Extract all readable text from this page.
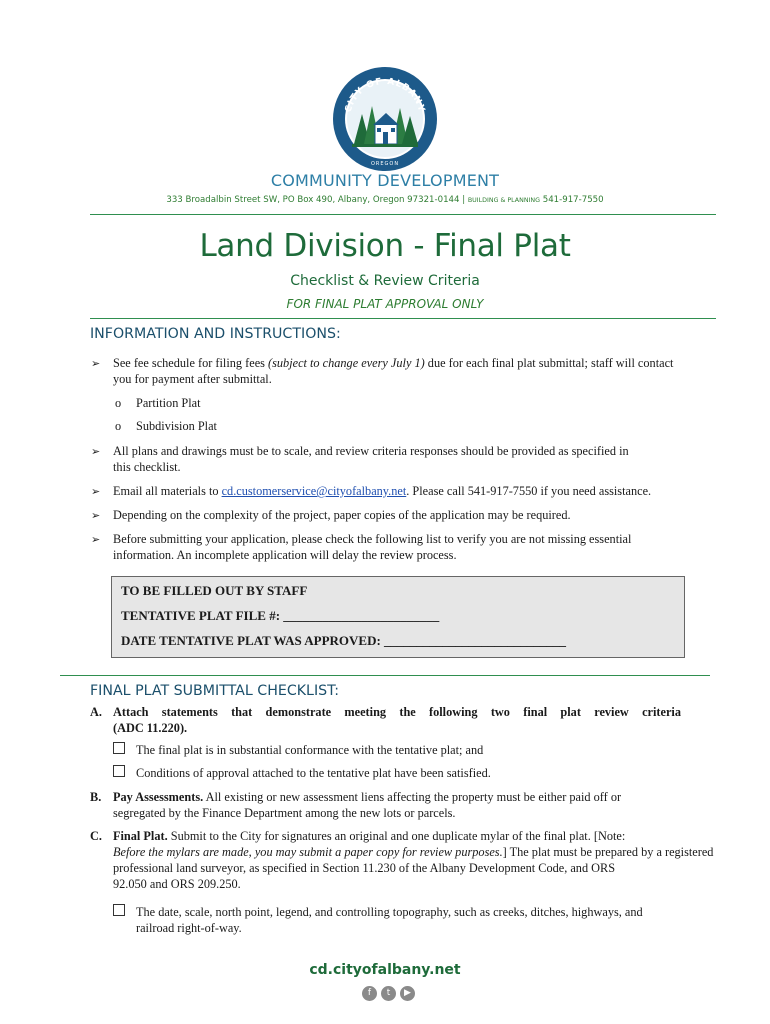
CITY OF ALBANY
OREGON
COMMUNITY DEVELOPMENT
333 Broadalbin Street SW, PO Box 490, Albany, Oregon 97321-0144 | BUILDING & PLANNING 541-917-7550
Land Division - Final Plat
Checklist & Review Criteria
FOR FINAL PLAT APPROVAL ONLY
INFORMATION AND INSTRUCTIONS:
➢ See fee schedule for filing fees (subject to change every July 1) due for each final plat submittal; staff will contact
you for payment after submittal.
o Partition Plat
o Subdivision Plat
➢ All plans and drawings must be to scale, and review criteria responses should be provided as specified in
this checklist.
➢ Email all materials to cd.customerservice@cityofalbany.net. Please call 541-917-7550 if you need assistance.
➢ Depending on the complexity of the project, paper copies of the application may be required.
➢ Before submitting your application, please check the following list to verify you are not missing essential
information. An incomplete application will delay the review process.
TO BE FILLED OUT BY STAFF
TENTATIVE PLAT FILE #: ________________________
DATE TENTATIVE PLAT WAS APPROVED: ____________________________
FINAL PLAT SUBMITTAL CHECKLIST:
A. Attach statements that demonstrate meeting the following two final plat review criteria
(ADC 11.220).
The final plat is in substantial conformance with the tentative plat; and
Conditions of approval attached to the tentative plat have been satisfied.
B. Pay Assessments. All existing or new assessment liens affecting the property must be either paid off or
segregated by the Finance Department among the new lots or parcels.
C. Final Plat. Submit to the City for signatures an original and one duplicate mylar of the final plat. [Note:
Before the mylars are made, you may submit a paper copy for review purposes.] The plat must be prepared by a registered
professional land surveyor, as specified in Section 11.230 of the Albany Development Code, and ORS
92.050 and ORS 209.250.
The date, scale, north point, legend, and controlling topography, such as creeks, ditches, highways, and
railroad right-of-way.
cd.cityofalbany.net
f	t	▶
